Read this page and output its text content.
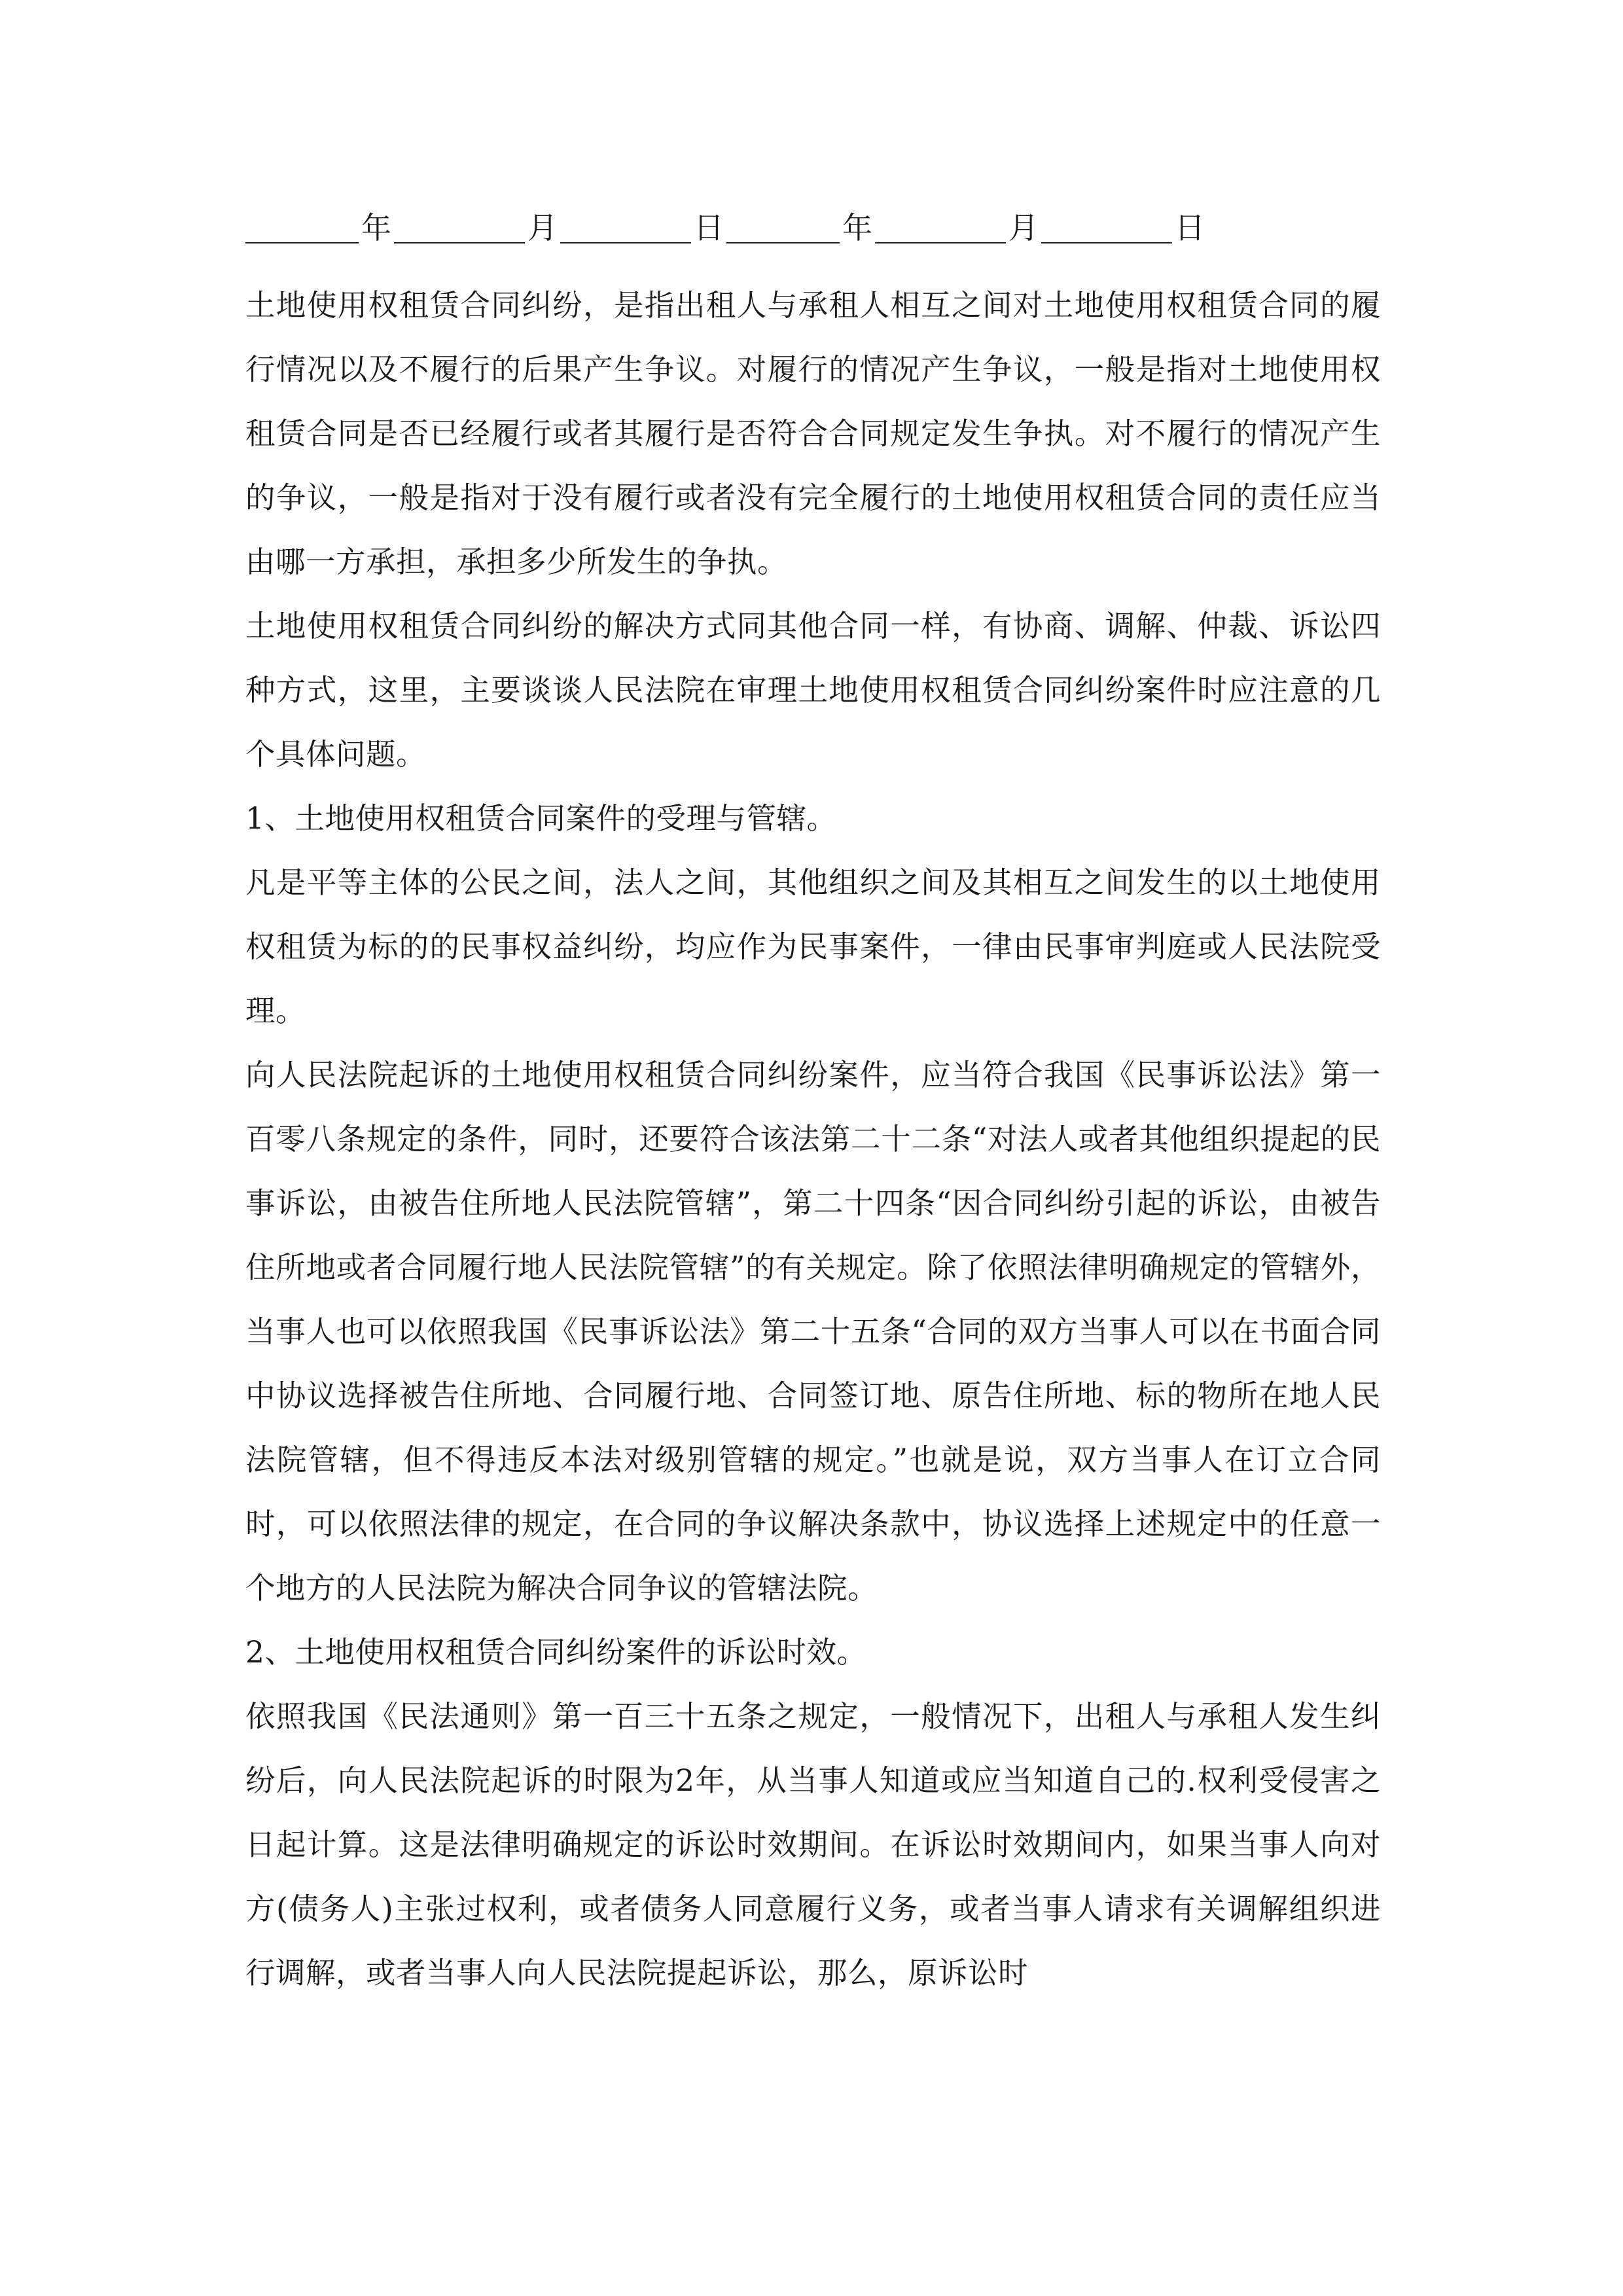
年	月	日	年	月	日

土地使用权租赁合同纠纷，是指出租人与承租人相互之间对土地使用权租赁合同的履行情况以及不履行的后果产生争议。对履行的情况产生争议，一般是指对土地使用权租赁合同是否已经履行或者其履行是否符合合同规定发生争执。对不履行的情况产生的争议，一般是指对于没有履行或者没有完全履行的土地使用权租赁合同的责任应当由哪一方承担，承担多少所发生的争执。

土地使用权租赁合同纠纷的解决方式同其他合同一样，有协商、调解、仲裁、诉讼四种方式，这里，主要谈谈人民法院在审理土地使用权租赁合同纠纷案件时应注意的几个具体问题。

1、土地使用权租赁合同案件的受理与管辖。

凡是平等主体的公民之间，法人之间，其他组织之间及其相互之间发生的以土地使用权租赁为标的的民事权益纠纷，均应作为民事案件，一律由民事审判庭或人民法院受理。

向人民法院起诉的土地使用权租赁合同纠纷案件，应当符合我国《民事诉讼法》第一百零八条规定的条件，同时，还要符合该法第二十二条“对法人或者其他组织提起的民事诉讼，由被告住所地人民法院管辖”，第二十四条“因合同纠纷引起的诉讼，由被告住所地或者合同履行地人民法院管辖”的有关规定。除了依照法律明确规定的管辖外，当事人也可以依照我国《民事诉讼法》第二十五条“合同的双方当事人可以在书面合同中协议选择被告住所地、合同履行地、合同签订地、原告住所地、标的物所在地人民法院管辖，但不得违反本法对级别管辖的规定。”也就是说，双方当事人在订立合同时，可以依照法律的规定，在合同的争议解决条款中，协议选择上述规定中的任意一个地方的人民法院为解决合同争议的管辖法院。

2、土地使用权租赁合同纠纷案件的诉讼时效。

依照我国《民法通则》第一百三十五条之规定，一般情况下，出租人与承租人发生纠纷后，向人民法院起诉的时限为2年，从当事人知道或应当知道自己的.权利受侵害之日起计算。这是法律明确规定的诉讼时效期间。在诉讼时效期间内，如果当事人向对方(债务人)主张过权利，或者债务人同意履行义务，或者当事人请求有关调解组织进行调解，或者当事人向人民法院提起诉讼，那么，原诉讼时
